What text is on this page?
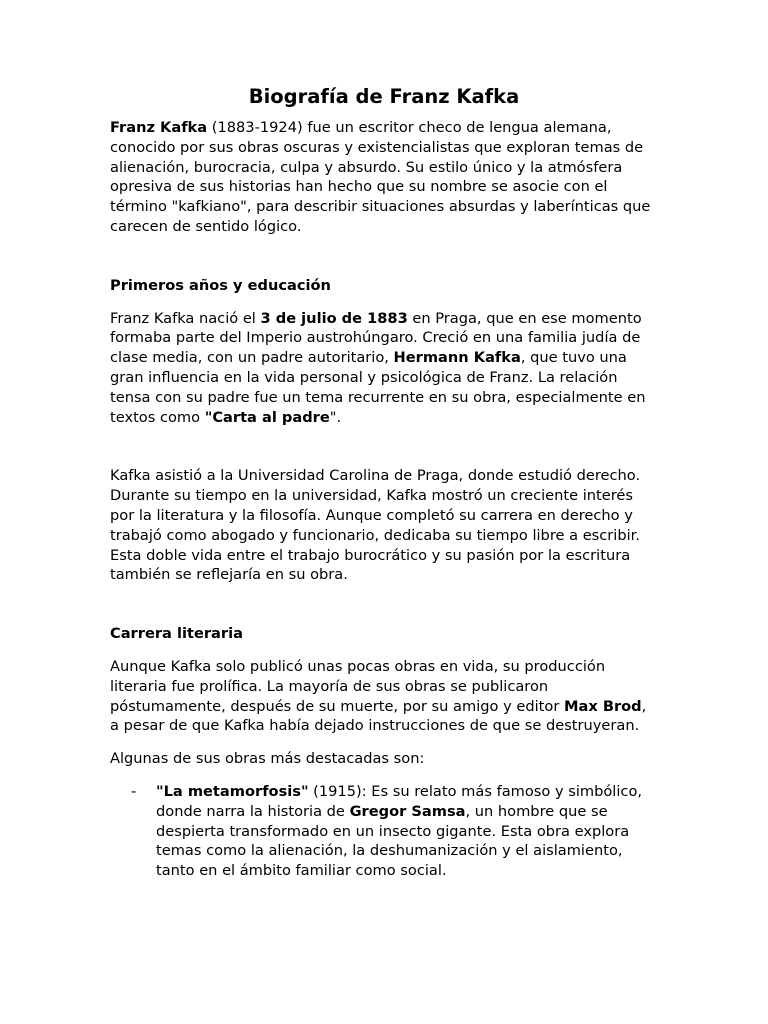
Biografía de Franz Kafka

Franz Kafka (1883-1924) fue un escritor checo de lengua alemana, conocido por sus obras oscuras y existencialistas que exploran temas de alienación, burocracia, culpa y absurdo. Su estilo único y la atmósfera opresiva de sus historias han hecho que su nombre se asocie con el término "kafkiano", para describir situaciones absurdas y laberínticas que carecen de sentido lógico.

Primeros años y educación

Franz Kafka nació el 3 de julio de 1883 en Praga, que en ese momento formaba parte del Imperio austrohúngaro. Creció en una familia judía de clase media, con un padre autoritario, Hermann Kafka, que tuvo una gran influencia en la vida personal y psicológica de Franz. La relación tensa con su padre fue un tema recurrente en su obra, especialmente en textos como "Carta al padre".

Kafka asistió a la Universidad Carolina de Praga, donde estudió derecho. Durante su tiempo en la universidad, Kafka mostró un creciente interés por la literatura y la filosofía. Aunque completó su carrera en derecho y trabajó como abogado y funcionario, dedicaba su tiempo libre a escribir. Esta doble vida entre el trabajo burocrático y su pasión por la escritura también se reflejaría en su obra.

Carrera literaria

Aunque Kafka solo publicó unas pocas obras en vida, su producción literaria fue prolífica. La mayoría de sus obras se publicaron póstumamente, después de su muerte, por su amigo y editor Max Brod, a pesar de que Kafka había dejado instrucciones de que se destruyeran.

Algunas de sus obras más destacadas son:

- "La metamorfosis" (1915): Es su relato más famoso y simbólico, donde narra la historia de Gregor Samsa, un hombre que se despierta transformado en un insecto gigante. Esta obra explora temas como la alienación, la deshumanización y el aislamiento, tanto en el ámbito familiar como social.
